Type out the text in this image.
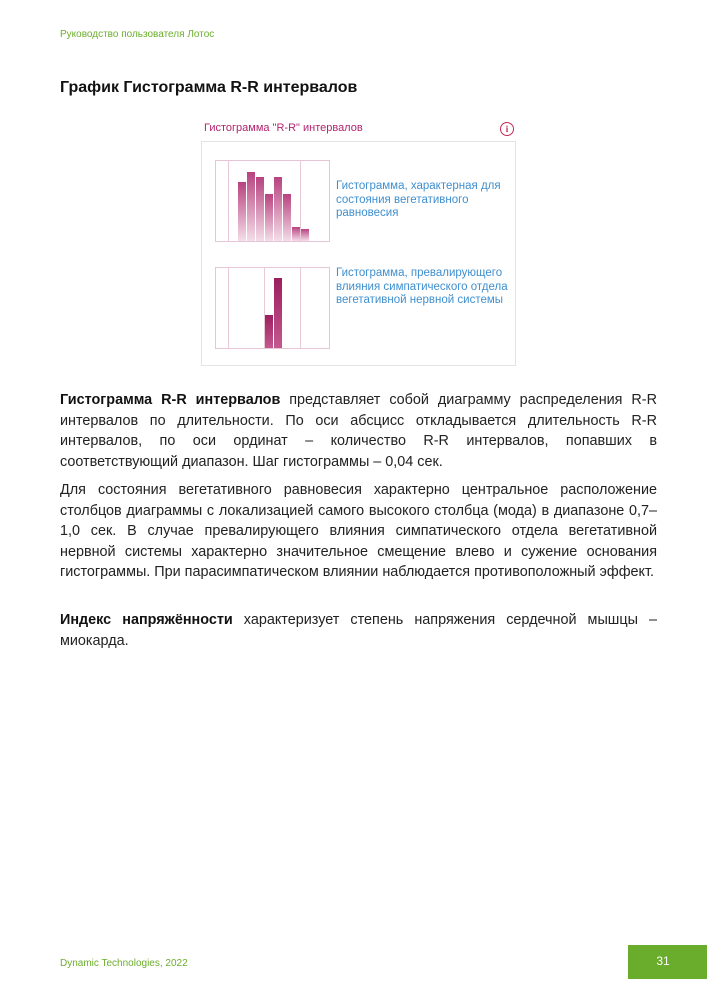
Руководство пользователя Лотос
График Гистограмма R-R интервалов
Гистограмма "R-R" интервалов	i

Гистограмма, характерная для состояния вегетативного равновесия

Гистограмма, превалирующего влияния симпатического отдела вегетативной нервной системы

Гистограмма R-R интервалов представляет собой диаграмму распределения R-R интервалов по длительности. По оси абсцисс откладывается длительность R-R интервалов, по оси ординат – количество R-R интервалов, попавших в соответствующий диапазон. Шаг гистограммы – 0,04 сек.

Для состояния вегетативного равновесия характерно центральное расположение столбцов диаграммы с локализацией самого высокого столбца (мода) в диапазоне 0,7–1,0 сек. В случае превалирующего влияния симпатического отдела вегетативной нервной системы характерно значительное смещение влево и сужение основания гистограммы. При парасимпатическом влиянии наблюдается противоположный эффект.

Индекс напряжённости характеризует степень напряжения сердечной мышцы – миокарда.

Dynamic Technologies, 2022	31
